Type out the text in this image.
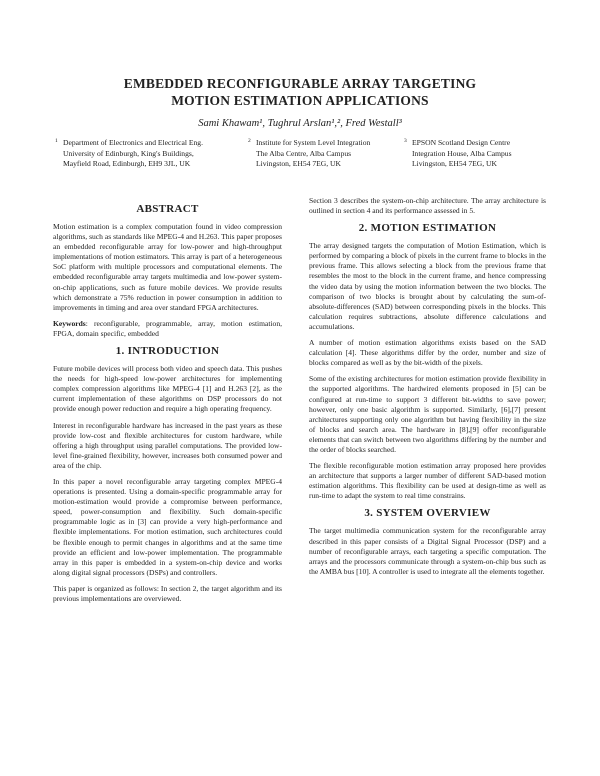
EMBEDDED RECONFIGURABLE ARRAY TARGETING
MOTION ESTIMATION APPLICATIONS
Sami Khawam¹, Tughrul Arslan¹,², Fred Westall³
1 Department of Electronics and Electrical Eng.
University of Edinburgh, King's Buildings,
Mayfield Road, Edinburgh, EH9 3JL, UK
2 Institute for System Level Integration
The Alba Centre, Alba Campus
Livingston, EH54 7EG, UK
3 EPSON Scotland Design Centre
Integration House, Alba Campus
Livingston, EH54 7EG, UK
ABSTRACT

Motion estimation is a complex computation found in video compression algorithms, such as standards like MPEG-4 and H.263. This paper proposes an embedded reconfigurable array for low-power and high-throughput implementations of motion estimators. This array is part of a heterogeneous SoC platform with multiple processors and computational elements. The embedded reconfigurable array targets multimedia and low-power system-on-chip applications, such as future mobile devices. We provide results which demonstrate a 75% reduction in power consumption in addition to improvements in timing and area over standard FPGA architectures.

Keywords: reconfigurable, programmable, array, motion estimation, FPGA, domain specific, embedded

1. INTRODUCTION

Future mobile devices will process both video and speech data. This pushes the needs for high-speed low-power architectures for implementing complex compression algorithms like MPEG-4 [1] and H.263 [2], as the current implementation of these algorithms on DSP processors do not provide enough power reduction and require a high operating frequency.

Interest in reconfigurable hardware has increased in the past years as these provide low-cost and flexible architectures for custom hardware, while offering a high throughput using parallel computations. The provided low-level fine-grained flexibility, however, increases both consumed power and area of the chip.

In this paper a novel reconfigurable array targeting complex MPEG-4 operations is presented. Using a domain-specific programmable array for motion-estimation would provide a compromise between performance, speed, power-consumption and flexibility. Such domain-specific programmable logic as in [3] can provide a very high-performance and flexible implementations. For motion estimation, such architectures could be flexible enough to permit changes in algorithms and at the same time provide an efficient and low-power implementation. The programmable array in this paper is embedded in a system-on-chip device and works along digital signal processors (DSPs) and controllers.

This paper is organized as follows: In section 2, the target algorithm and its previous implementations are overviewed.

Section 3 describes the system-on-chip architecture. The array architecture is outlined in section 4 and its performance assessed in 5.

2. MOTION ESTIMATION

The array designed targets the computation of Motion Estimation, which is performed by comparing a block of pixels in the current frame to blocks in the previous frame. This allows selecting a block from the previous frame that resembles the most to the block in the current frame, and hence compressing the video data by using the motion information between the two blocks. The comparison of two blocks is brought about by calculating the sum-of-absolute-differences (SAD) between corresponding pixels in the blocks. This calculation requires subtractions, absolute difference calculations and accumulations.

A number of motion estimation algorithms exists based on the SAD calculation [4]. These algorithms differ by the order, number and size of blocks compared as well as by the bit-width of the pixels.

Some of the existing architectures for motion estimation provide flexibility in the supported algorithms. The hardwired elements proposed in [5] can be configured at run-time to support 3 different bit-widths to save power; however, only one basic algorithm is supported. Similarly, [6],[7] present architectures supporting only one algorithm but having flexibility in the size of blocks and search area. The hardware in [8],[9] offer reconfigurable elements that can switch between two algorithms differing by the number and the order of blocks searched.

The flexible reconfigurable motion estimation array proposed here provides an architecture that supports a larger number of different SAD-based motion estimation algorithms. This flexibility can be used at design-time as well as run-time to adapt the system to real time constrains.

3. SYSTEM OVERVIEW

The target multimedia communication system for the reconfigurable array described in this paper consists of a Digital Signal Processor (DSP) and a number of reconfigurable arrays, each targeting a specific computation. The arrays and the processors communicate through a system-on-chip bus such as the AMBA bus [10]. A controller is used to integrate all the elements together.
